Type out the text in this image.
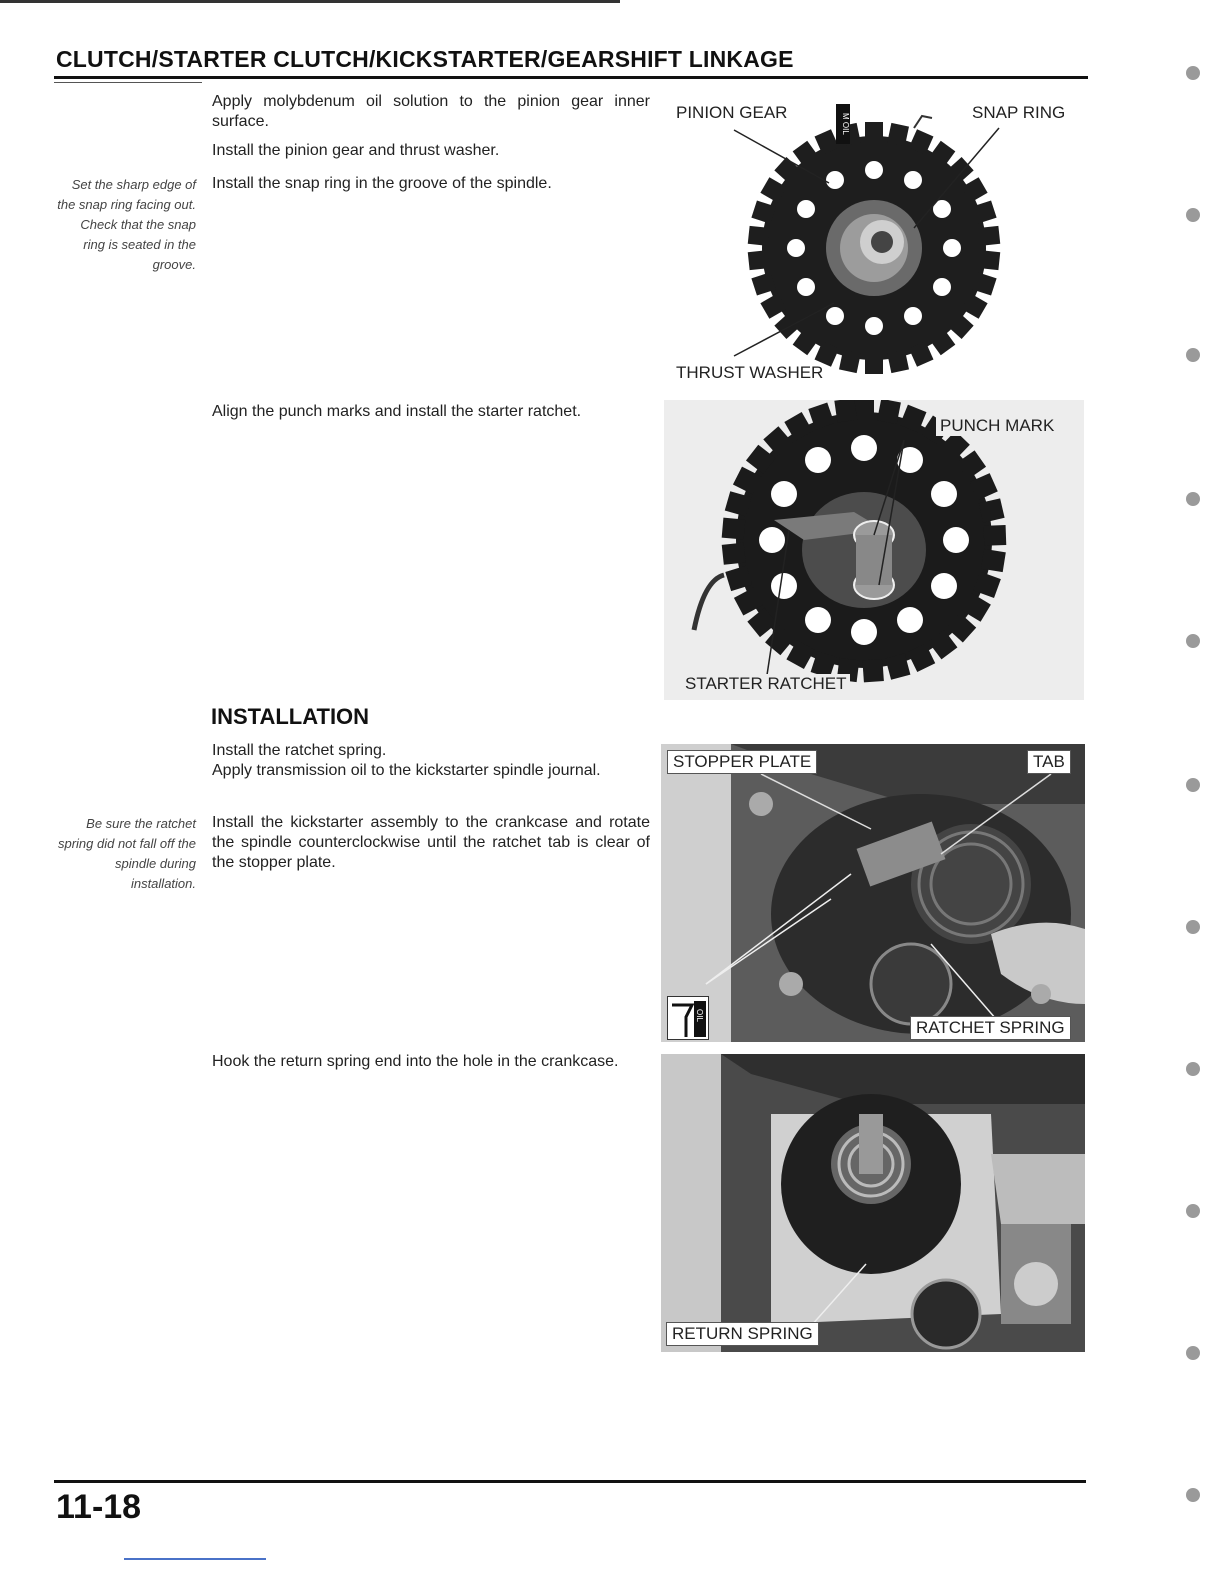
CLUTCH/STARTER CLUTCH/KICKSTARTER/GEARSHIFT LINKAGE
Apply molybdenum oil solution to the pinion gear inner surface.
Install the pinion gear and thrust washer.
Install the snap ring in the groove of the spindle.
Set the sharp edge of the snap ring facing out. Check that the snap ring is seated in the groove.
Align the punch marks and install the starter ratchet.
INSTALLATION
Install the ratchet spring.
Apply transmission oil to the kickstarter spindle journal.
Install the kickstarter assembly to the crankcase and rotate the spindle counterclockwise until the ratchet tab is clear of the stopper plate.
Be sure the ratchet spring did not fall off the spindle during installation.
Hook the return spring end into the hole in the crankcase.
PINION GEAR	SNAP RING
THRUST WASHER
M OIL
PUNCH MARK
STARTER RATCHET
STOPPER PLATE	TAB
RATCHET SPRING
OIL
RETURN SPRING
11-18
